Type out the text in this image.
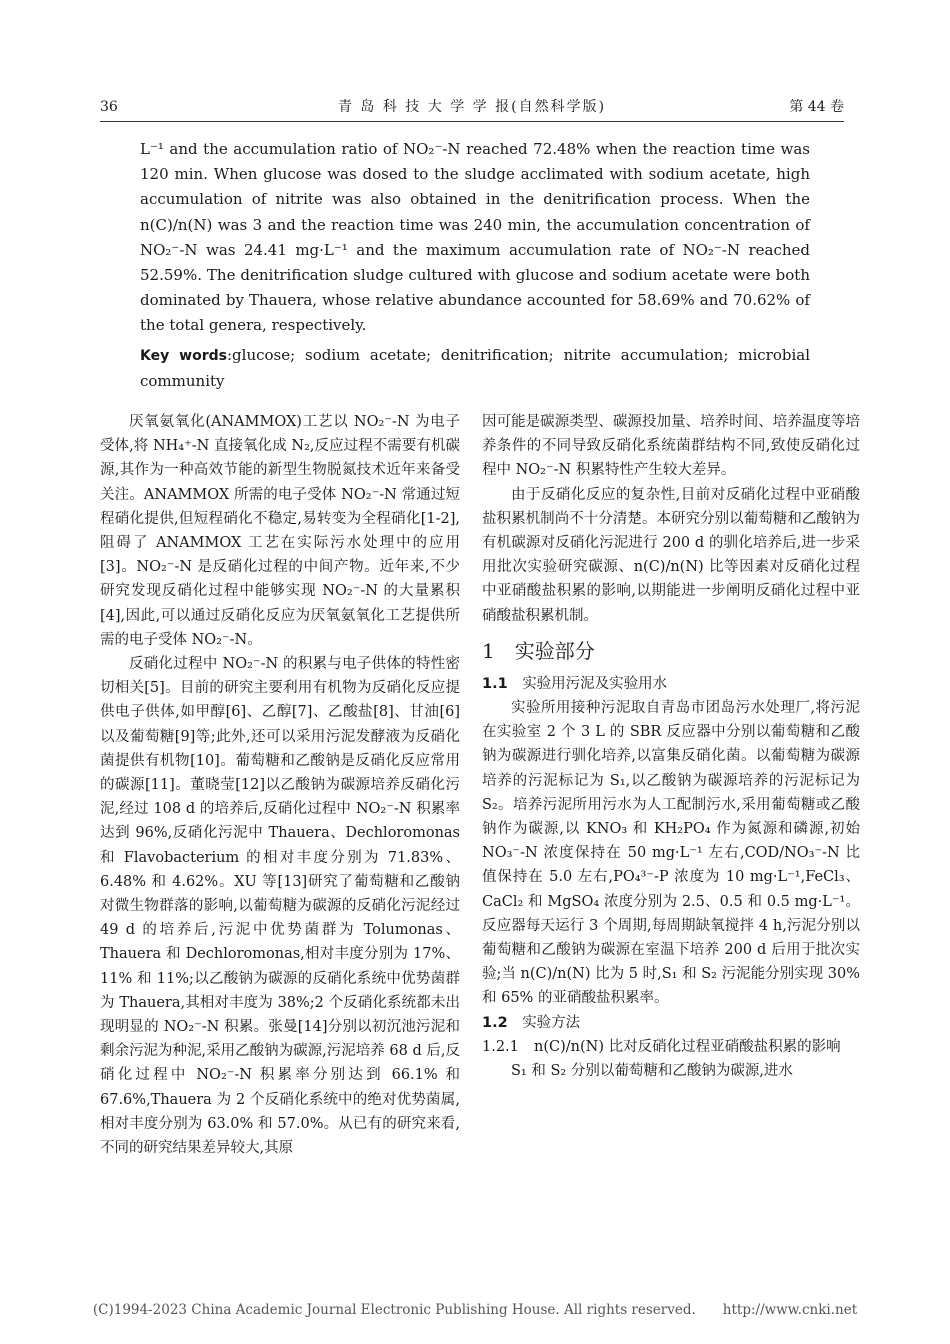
36	青 岛 科 技 大 学 学 报(自然科学版)	第 44 卷

L⁻¹ and the accumulation ratio of NO₂⁻-N reached 72.48% when the reaction time was 120 min. When glucose was dosed to the sludge acclimated with sodium acetate, high accumulation of nitrite was also obtained in the denitrification process. When the n(C)/n(N) was 3 and the reaction time was 240 min, the accumulation concentration of NO₂⁻-N was 24.41 mg·L⁻¹ and the maximum accumulation rate of NO₂⁻-N reached 52.59%. The denitrification sludge cultured with glucose and sodium acetate were both dominated by Thauera, whose relative abundance accounted for 58.69% and 70.62% of the total genera, respectively.

Key words:glucose; sodium acetate; denitrification; nitrite accumulation; microbial community

厌氧氨氧化(ANAMMOX)工艺以 NO₂⁻-N 为电子受体,将 NH₄⁺-N 直接氧化成 N₂,反应过程不需要有机碳源,其作为一种高效节能的新型生物脱氮技术近年来备受关注。ANAMMOX 所需的电子受体 NO₂⁻-N 常通过短程硝化提供,但短程硝化不稳定,易转变为全程硝化[1-2],阻碍了 ANAMMOX 工艺在实际污水处理中的应用[3]。NO₂⁻-N 是反硝化过程的中间产物。近年来,不少研究发现反硝化过程中能够实现 NO₂⁻-N 的大量累积[4],因此,可以通过反硝化反应为厌氧氨氧化工艺提供所需的电子受体 NO₂⁻-N。

反硝化过程中 NO₂⁻-N 的积累与电子供体的特性密切相关[5]。目前的研究主要利用有机物为反硝化反应提供电子供体,如甲醇[6]、乙醇[7]、乙酸盐[8]、甘油[6]以及葡萄糖[9]等;此外,还可以采用污泥发酵液为反硝化菌提供有机物[10]。葡萄糖和乙酸钠是反硝化反应常用的碳源[11]。董晓莹[12]以乙酸钠为碳源培养反硝化污泥,经过 108 d 的培养后,反硝化过程中 NO₂⁻-N 积累率达到 96%,反硝化污泥中 Thauera、Dechloromonas 和 Flavobacterium 的相对丰度分别为 71.83%、6.48% 和 4.62%。XU 等[13]研究了葡萄糖和乙酸钠对微生物群落的影响,以葡萄糖为碳源的反硝化污泥经过 49 d 的培养后,污泥中优势菌群为 Tolumonas、Thauera 和 Dechloromonas,相对丰度分别为 17%、11% 和 11%;以乙酸钠为碳源的反硝化系统中优势菌群为 Thauera,其相对丰度为 38%;2 个反硝化系统都未出现明显的 NO₂⁻-N 积累。张曼[14]分别以初沉池污泥和剩余污泥为种泥,采用乙酸钠为碳源,污泥培养 68 d 后,反硝化过程中 NO₂⁻-N 积累率分别达到 66.1% 和 67.6%,Thauera 为 2 个反硝化系统中的绝对优势菌属,相对丰度分别为 63.0% 和 57.0%。从已有的研究来看,不同的研究结果差异较大,其原

因可能是碳源类型、碳源投加量、培养时间、培养温度等培养条件的不同导致反硝化系统菌群结构不同,致使反硝化过程中 NO₂⁻-N 积累特性产生较大差异。

由于反硝化反应的复杂性,目前对反硝化过程中亚硝酸盐积累机制尚不十分清楚。本研究分别以葡萄糖和乙酸钠为有机碳源对反硝化污泥进行 200 d 的驯化培养后,进一步采用批次实验研究碳源、n(C)/n(N) 比等因素对反硝化过程中亚硝酸盐积累的影响,以期能进一步阐明反硝化过程中亚硝酸盐积累机制。

1　实验部分
1.1　 实验用污泥及实验用水

实验所用接种污泥取自青岛市团岛污水处理厂,将污泥在实验室 2 个 3 L 的 SBR 反应器中分别以葡萄糖和乙酸钠为碳源进行驯化培养,以富集反硝化菌。以葡萄糖为碳源培养的污泥标记为 S₁,以乙酸钠为碳源培养的污泥标记为 S₂。培养污泥所用污水为人工配制污水,采用葡萄糖或乙酸钠作为碳源,以 KNO₃ 和 KH₂PO₄ 作为氮源和磷源,初始 NO₃⁻-N 浓度保持在 50 mg·L⁻¹ 左右,COD/NO₃⁻-N 比值保持在 5.0 左右,PO₄³⁻-P 浓度为 10 mg·L⁻¹,FeCl₃、CaCl₂ 和 MgSO₄ 浓度分别为 2.5、0.5 和 0.5 mg·L⁻¹。反应器每天运行 3 个周期,每周期缺氧搅拌 4 h,污泥分别以葡萄糖和乙酸钠为碳源在室温下培养 200 d 后用于批次实验;当 n(C)/n(N) 比为 5 时,S₁ 和 S₂ 污泥能分别实现 30% 和 65% 的亚硝酸盐积累率。

1.2　 实验方法
1.2.1	n(C)/n(N) 比对反硝化过程亚硝酸盐积累的影响

S₁ 和 S₂ 分别以葡萄糖和乙酸钠为碳源,进水

(C)1994-2023 China Academic Journal Electronic Publishing House. All rights reserved.　　http://www.cnki.net
